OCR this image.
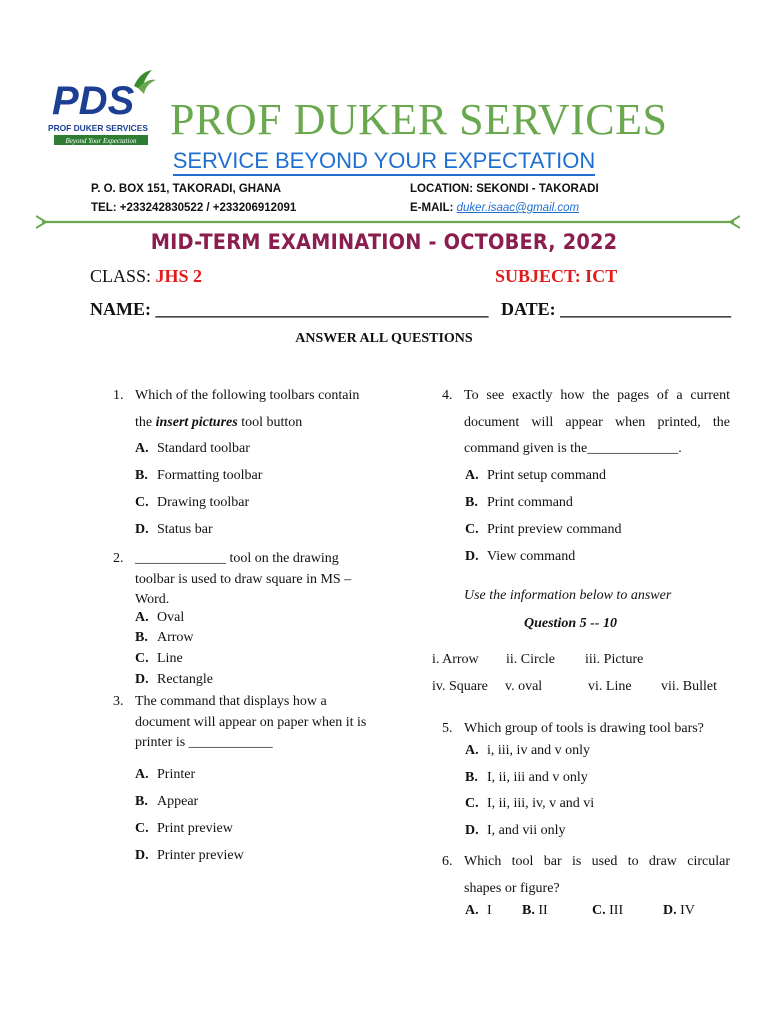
PDS
PROF DUKER SERVICES
Beyond Your Expectation PROF DUKER SERVICES
SERVICE BEYOND YOUR EXPECTATION
P. O. BOX 151, TAKORADI, GHANA	LOCATION: SEKONDI - TAKORADI
TEL: +233242830522 / +233206912091	E-MAIL: duker.isaac@gmail.com
MID-TERM EXAMINATION - OCTOBER, 2022
CLASS: JHS 2	SUBJECT: ICT
NAME: _____________________________________ DATE: ___________________
ANSWER ALL QUESTIONS
1. Which of the following toolbars contain
the insert pictures tool button
A. Standard toolbar
B. Formatting toolbar
C. Drawing toolbar
D. Status bar
2. _____________ tool on the drawing
toolbar is used to draw square in MS –
Word.
A. Oval
B. Arrow
C. Line
D. Rectangle
3. The command that displays how a
document will appear on paper when it is
printer is ____________
A. Printer
B. Appear
C. Print preview
D. Printer preview
4. To see exactly how the pages of a current
document will appear when printed, the
command given is the_____________.
A. Print setup command
B. Print command
C. Print preview command
D. View command
Use the information below to answer
Question 5 -- 10
i. Arrow ii. Circle iii. Picture
iv. Square v. oval	vi. Line vii. Bullet
5. Which group of tools is drawing tool bars?
A. i, iii, iv and v only
B. I, ii, iii and v only
C. I, ii, iii, iv, v and vi
D. I, and vii only
6. Which tool bar is used to draw circular
shapes or figure?
A. I B. II	C. III	D. IV
